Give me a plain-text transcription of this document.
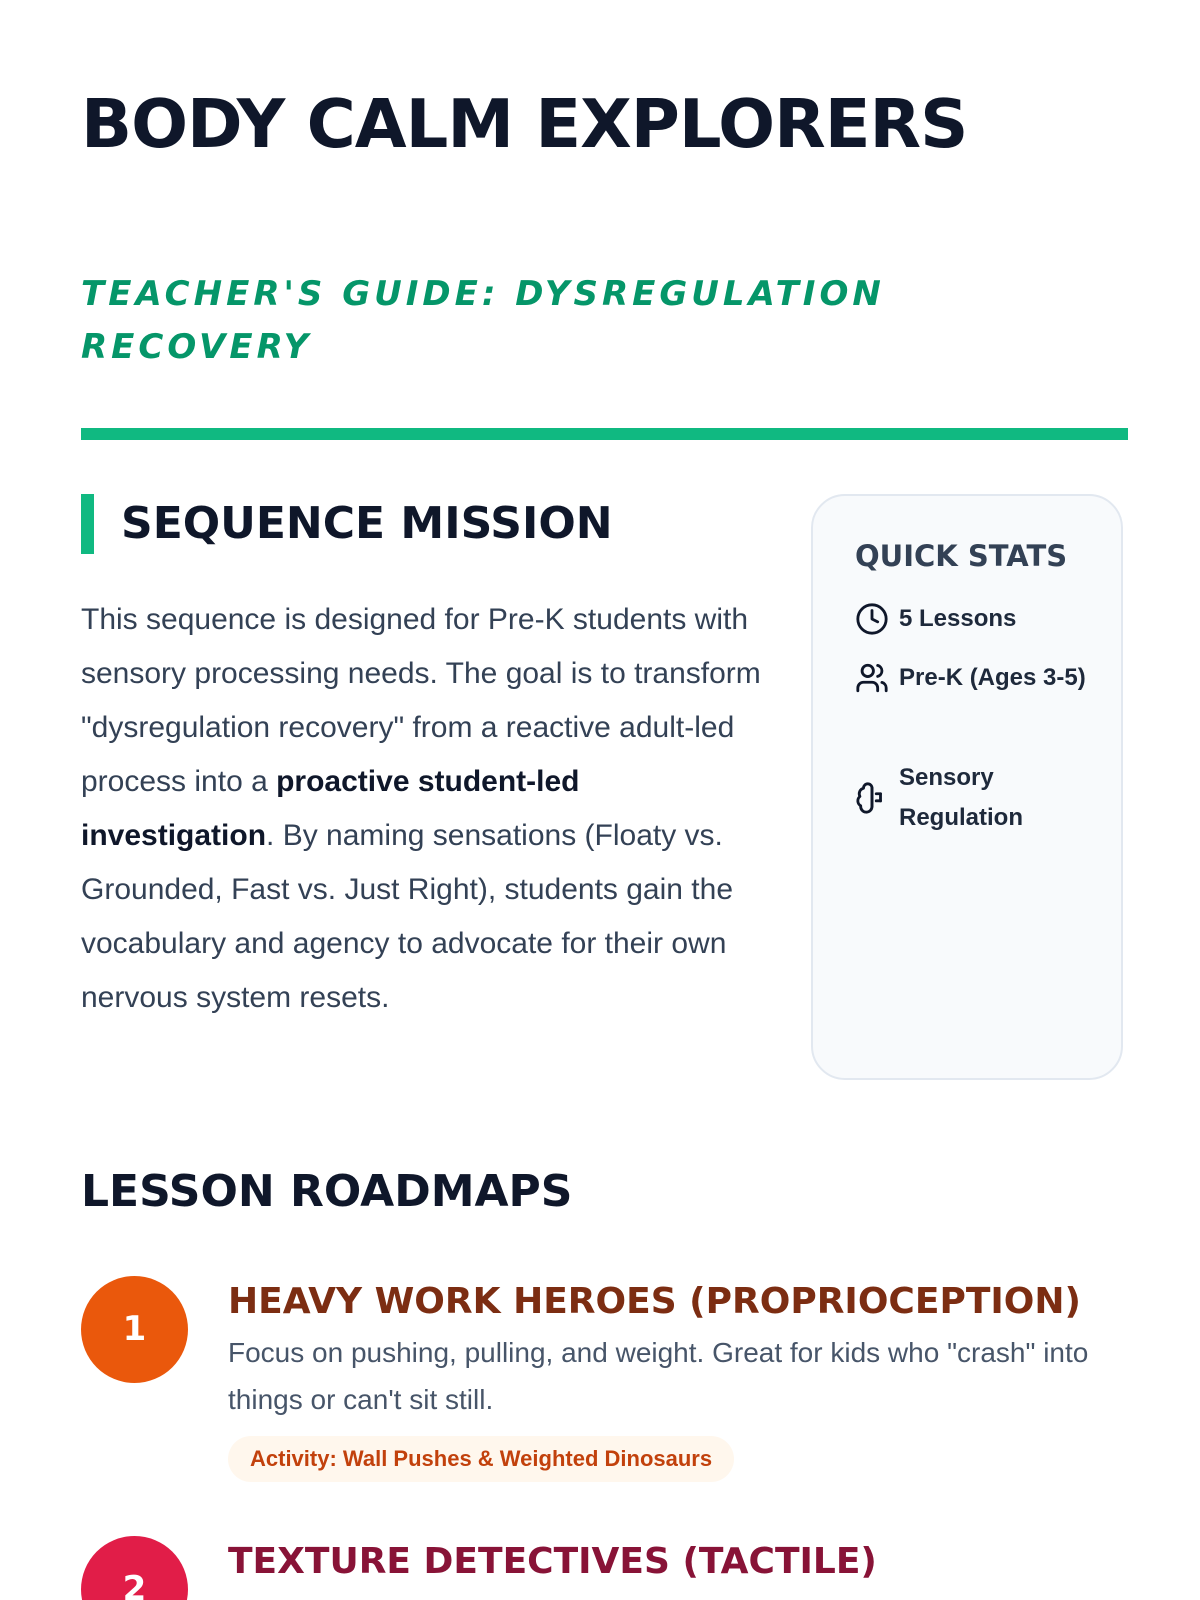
BODY CALM EXPLORERS
TEACHER'S GUIDE: DYSREGULATION RECOVERY
SEQUENCE MISSION

This sequence is designed for Pre-K students with sensory processing needs. The goal is to transform "dysregulation recovery" from a reactive adult-led process into a proactive student-led investigation. By naming sensations (Floaty vs. Grounded, Fast vs. Just Right), students gain the vocabulary and agency to advocate for their own nervous system resets.

QUICK STATS
5 Lessons
Pre-K (Ages 3-5)
Sensory Regulation
LESSON ROADMAPS
1
HEAVY WORK HEROES (PROPRIOCEPTION)

Focus on pushing, pulling, and weight. Great for kids who "crash" into things or can't sit still.

Activity: Wall Pushes & Weighted Dinosaurs
2
TEXTURE DETECTIVES (TACTILE)
